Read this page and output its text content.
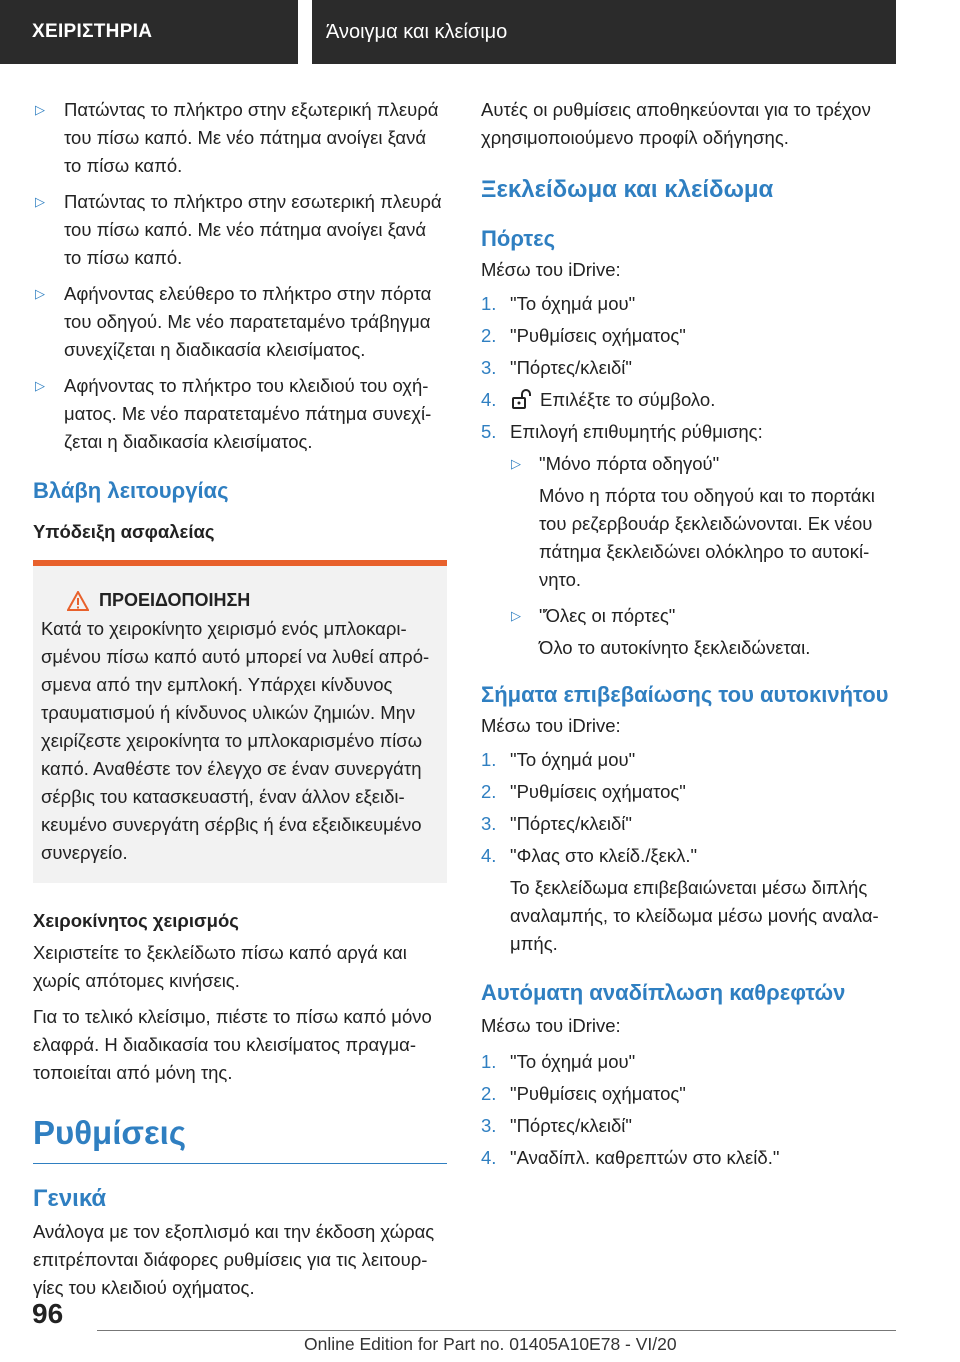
ΧΕΙΡΙΣΤΗΡΙΑ	Άνοιγμα και κλείσιμο
▷ Πατώντας το πλήκτρο στην εξωτερική πλευρά του πίσω καπό. Με νέο πάτημα ανοίγει ξανά το πίσω καπό.
▷ Πατώντας το πλήκτρο στην εσωτερική πλευρά του πίσω καπό. Με νέο πάτημα ανοίγει ξανά το πίσω καπό.
▷ Αφήνοντας ελεύθερο το πλήκτρο στην πόρτα του οδηγού. Με νέο παρατεταμένο τράβηγμα συνεχίζεται η διαδικασία κλεισίματος.
▷ Αφήνοντας το πλήκτρο του κλειδιού του οχήματος. Με νέο παρατεταμένο πάτημα συνεχίζεται η διαδικασία κλεισίματος.
Βλάβη λειτουργίας
Υπόδειξη ασφαλείας
ΠΡΟΕΙΔΟΠΟΙΗΣΗ

Κατά το χειροκίνητο χειρισμό ενός μπλοκαρισμένου πίσω καπό αυτό μπορεί να λυθεί απρόσμενα από την εμπλοκή. Υπάρχει κίνδυνος τραυματισμού ή κίνδυνος υλικών ζημιών. Μην χειρίζεστε χειροκίνητα το μπλοκαρισμένο πίσω καπό. Αναθέστε τον έλεγχο σε έναν συνεργάτη σέρβις του κατασκευαστή, έναν άλλον εξειδικευμένο συνεργάτη σέρβις ή ένα εξειδικευμένο συνεργείο.

Χειροκίνητος χειρισμός

Χειριστείτε το ξεκλείδωτο πίσω καπό αργά και χωρίς απότομες κινήσεις.

Για το τελικό κλείσιμο, πιέστε το πίσω καπό μόνο ελαφρά. Η διαδικασία του κλεισίματος πραγματοποιείται από μόνη της.

Ρυθμίσεις
Γενικά

Ανάλογα με τον εξοπλισμό και την έκδοση χώρας επιτρέπονται διάφορες ρυθμίσεις για τις λειτουργίες του κλειδιού οχήματος.

Αυτές οι ρυθμίσεις αποθηκεύονται για το τρέχον χρησιμοποιούμενο προφίλ οδήγησης.

Ξεκλείδωμα και κλείδωμα
Πόρτες

Μέσω του iDrive:

1. "Το όχημά μου"
2. "Ρυθμίσεις οχήματος"
3. "Πόρτες/κλειδί"
4. Επιλέξτε το σύμβολο.
5. Επιλογή επιθυμητής ρύθμισης:
▷ "Μόνο πόρτα οδηγού"

Μόνο η πόρτα του οδηγού και το πορτάκι του ρεζερβουάρ ξεκλειδώνονται. Εκ νέου πάτημα ξεκλειδώνει ολόκληρο το αυτοκίνητο.

▷ "Όλες οι πόρτες"

Όλο το αυτοκίνητο ξεκλειδώνεται.

Σήματα επιβεβαίωσης του αυτοκινήτου

Μέσω του iDrive:

1. "Το όχημά μου"
2. "Ρυθμίσεις οχήματος"
3. "Πόρτες/κλειδί"
4. "Φλας στο κλείδ./ξεκλ."

Το ξεκλείδωμα επιβεβαιώνεται μέσω διπλής αναλαμπής, το κλείδωμα μέσω μονής αναλαμπής.

Αυτόματη αναδίπλωση καθρεφτών

Μέσω του iDrive:

1. "Το όχημά μου"
2. "Ρυθμίσεις οχήματος"
3. "Πόρτες/κλειδί"
4. "Αναδίπλ. καθρεπτών στο κλείδ."
96
Online Edition for Part no. 01405A10E78 - VI/20
